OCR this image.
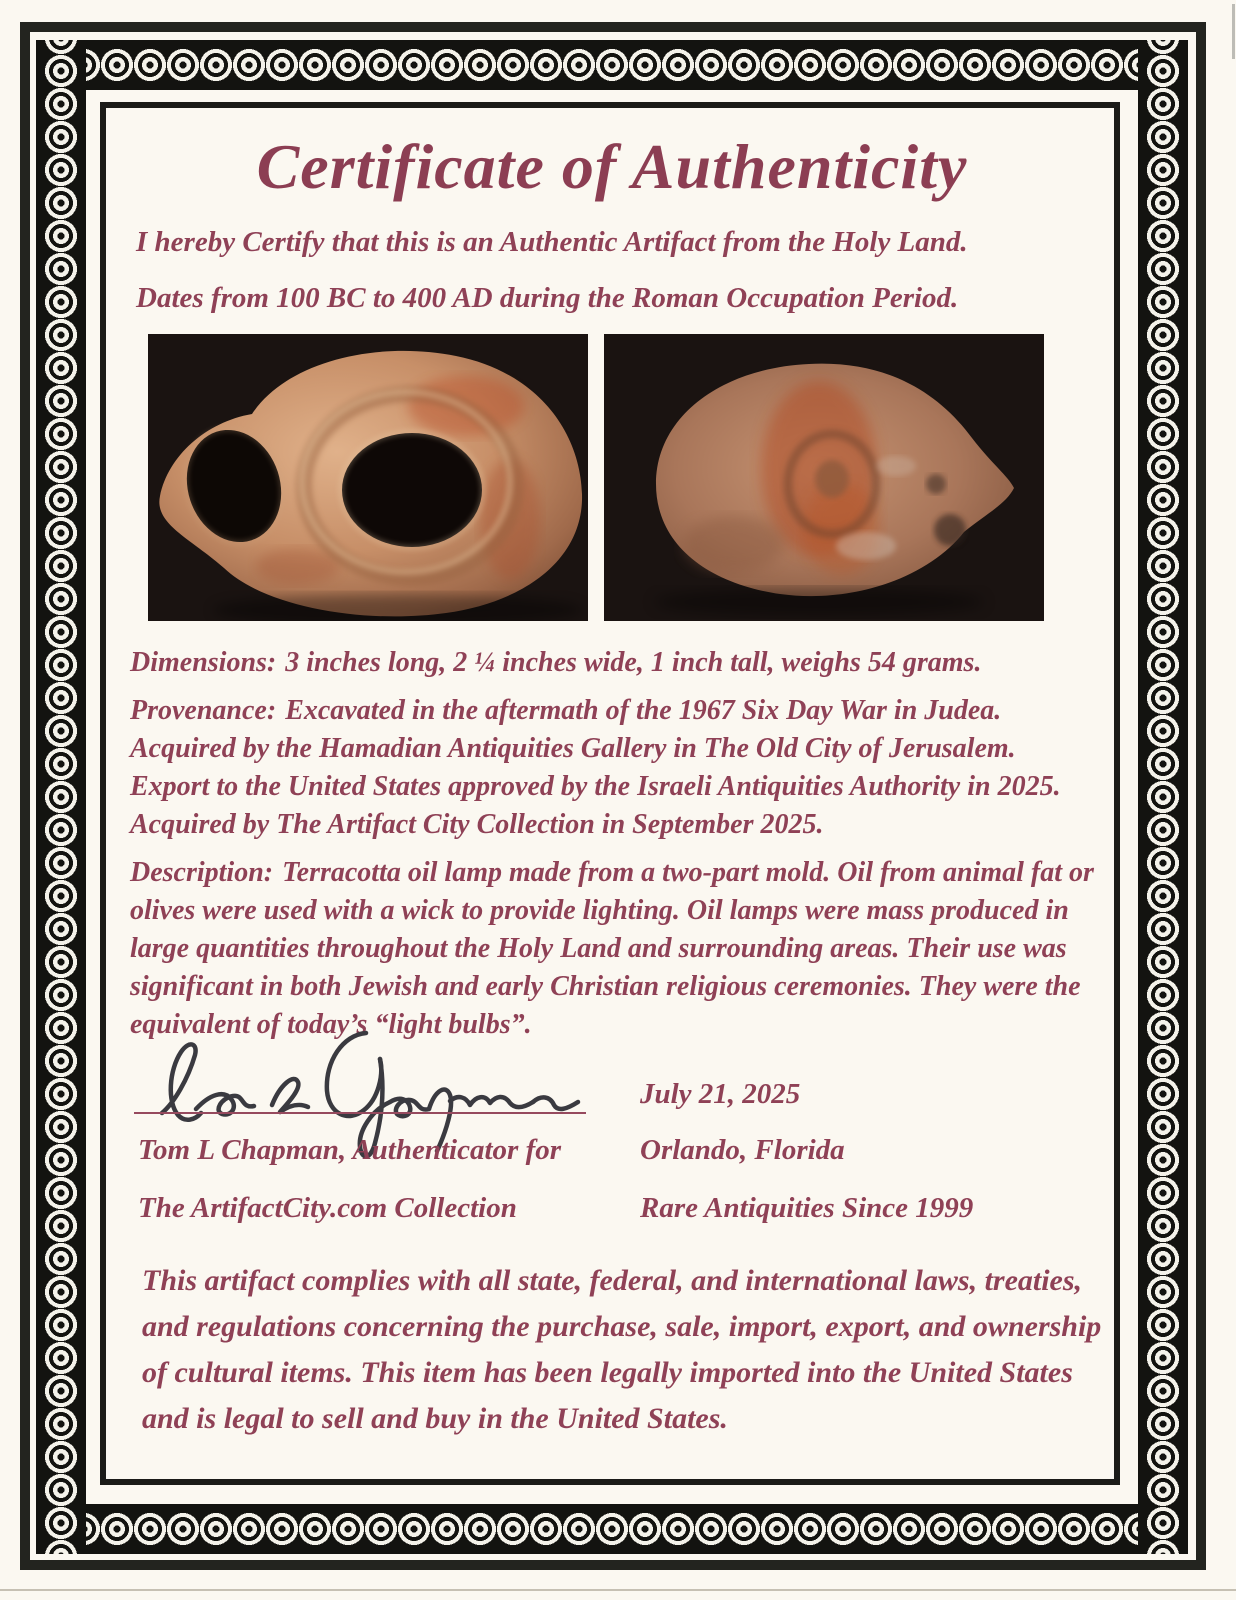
Certificate of Authenticity

I hereby Certify that this is an Authentic Artifact from the Holy Land.

Dates from 100 BC to 400 AD during the Roman Occupation Period.

Dimensions: 3 inches long, 2 ¼ inches wide, 1 inch tall, weighs 54 grams.

Provenance: Excavated in the aftermath of the 1967 Six Day War in Judea. Acquired by the Hamadian Antiquities Gallery in The Old City of Jerusalem. Export to the United States approved by the Israeli Antiquities Authority in 2025. Acquired by The Artifact City Collection in September 2025.

Description: Terracotta oil lamp made from a two-part mold. Oil from animal fat or olives were used with a wick to provide lighting. Oil lamps were mass produced in large quantities throughout the Holy Land and surrounding areas. Their use was significant in both Jewish and early Christian religious ceremonies. They were the equivalent of today’s “light bulbs”.

Tom L Chapman, Authenticator for

The ArtifactCity.com Collection

July 21, 2025

Orlando, Florida

Rare Antiquities Since 1999

This artifact complies with all state, federal, and international laws, treaties, and regulations concerning the purchase, sale, import, export, and ownership of cultural items. This item has been legally imported into the United States and is legal to sell and buy in the United States.
